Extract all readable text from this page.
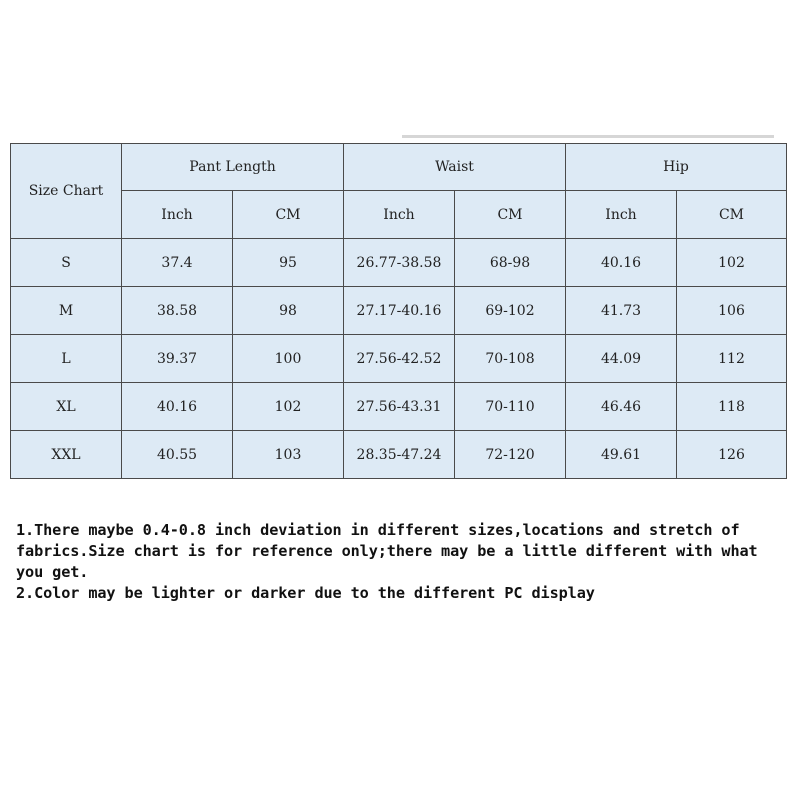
Size Chart	Pant Length		Waist		Hip	
	Inch	CM	Inch	CM	Inch	CM
S	37.4	95	26.77-38.58	68-98	40.16	102
M	38.58	98	27.17-40.16	69-102	41.73	106
L	39.37	100	27.56-42.52	70-108	44.09	112
XL	40.16	102	27.56-43.31	70-110	46.46	118
XXL	40.55	103	28.35-47.24	72-120	49.61	126

1.There maybe 0.4-0.8 inch deviation in different sizes,locations and stretch of fabrics.Size chart is for reference only;there may be a little different with what you get.

2.Color may be lighter or darker due to the different PC display
